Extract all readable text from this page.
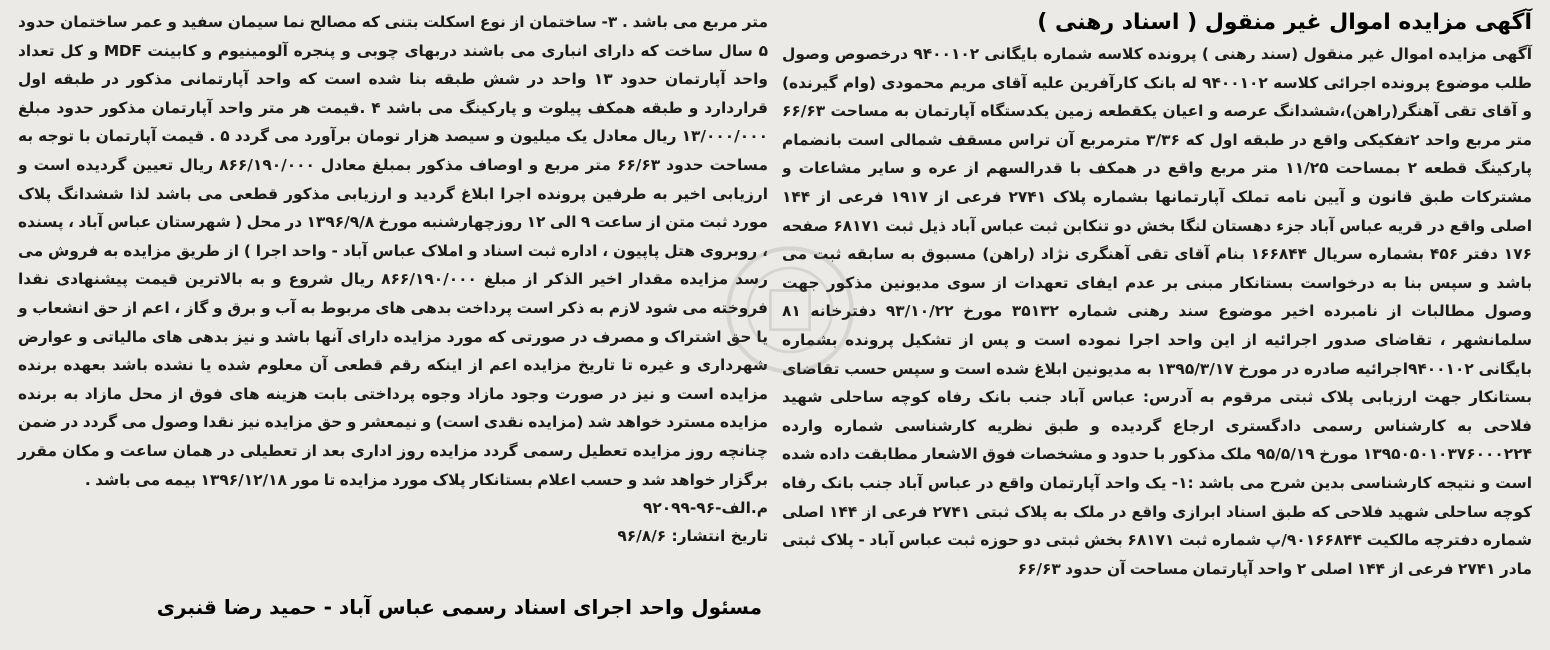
آگهی مزایده اموال غیر منقول ( اسناد رهنی )

آگهی مزایده اموال غیر منقول (سند رهنی ) پرونده کلاسه شماره بایگانی ۹۴۰۰۱۰۲ درخصوص وصول طلب موضوع پرونده اجرائی کلاسه ۹۴۰۰۱۰۲ له بانک کارآفرین علیه آقای مریم محمودی (وام گیرنده) و آقای تقی آهنگر(راهن)،ششدانگ عرصه و اعیان یکقطعه زمین یکدستگاه آپارتمان به مساحت ۶۶/۶۳ متر مربع واحد ۲تفکیکی واقع در طبقه اول که ۳/۳۶ مترمربع آن تراس مسقف شمالی است بانضمام پارکینگ قطعه ۲ بمساحت ۱۱/۲۵ متر مربع واقع در همکف با قدرالسهم از عره و سایر مشاعات و مشترکات طبق قانون و آیین نامه تملک آپارتمانها بشماره پلاک ۲۷۴۱ فرعی از ۱۹۱۷ فرعی از ۱۴۴ اصلی واقع در قریه عباس آباد جزء دهستان لنگا بخش دو تنکابن ثبت عباس آباد ذیل ثبت ۶۸۱۷۱ صفحه ۱۷۶ دفتر ۴۵۶ بشماره سریال ۱۶۶۸۴۴ بنام آقای تقی آهنگری نژاد (راهن) مسبوق به سابقه ثبت می باشد و سپس بنا به درخواست بستانکار مبنی بر عدم ایفای تعهدات از سوی مدیونین مذکور جهت وصول مطالبات از نامبرده اخیر موضوع سند رهنی شماره ۳۵۱۳۲ مورخ ۹۳/۱۰/۲۲ دفترخانه ۸۱ سلمانشهر ، تقاضای صدور اجرائیه از این واحد اجرا نموده است و پس از تشکیل پرونده بشماره بایگانی ۹۴۰۰۱۰۲اجرائیه صادره در مورخ ۱۳۹۵/۳/۱۷ به مدیونین ابلاغ شده است و سپس حسب تقاضای بستانکار جهت ارزیابی پلاک ثبتی مرقوم به آدرس: عباس آباد جنب بانک رفاه کوچه ساحلی شهید فلاحی به کارشناس رسمی دادگستری ارجاع گردیده و طبق نظریه کارشناسی شماره وارده ۱۳۹۵۰۵۰۱۰۳۷۶۰۰۰۲۲۴ مورخ ۹۵/۵/۱۹ ملک مذکور با حدود و مشخصات فوق الاشعار مطابقت داده شده است و نتیجه کارشناسی بدین شرح می باشد :۱- یک واحد آپارتمان واقع در عباس آباد جنب بانک رفاه کوچه ساحلی شهید فلاحی که طبق اسناد ابرازی واقع در ملک به پلاک ثبتی ۲۷۴۱ فرعی از ۱۴۴ اصلی شماره دفترچه مالکیت ۹۰۱۶۶۸۴۴/پ شماره ثبت ۶۸۱۷۱ بخش ثبتی دو حوزه ثبت عباس آباد - پلاک ثبتی مادر ۲۷۴۱ فرعی از ۱۴۴ اصلی ۲ واحد آپارتمان مساحت آن حدود ۶۶/۶۳

متر مربع می باشد . ۳- ساختمان از نوع اسکلت بتنی که مصالح نما سیمان سفید و عمر ساختمان حدود ۵ سال ساخت که دارای انباری می باشند دربهای چوبی و پنجره آلومینیوم و کابینت MDF و کل تعداد واحد آپارتمان حدود ۱۳ واحد در شش طبقه بنا شده است که واحد آپارتمانی مذکور در طبقه اول قراردارد و طبقه همکف پیلوت و پارکینگ می باشد ۴ .قیمت هر متر واحد آپارتمان مذکور حدود مبلغ ۱۳/۰۰۰/۰۰۰ ریال معادل یک میلیون و سیصد هزار تومان برآورد می گردد ۵ . قیمت آپارتمان با توجه به مساحت حدود ۶۶/۶۳ متر مربع و اوصاف مذکور بمبلغ معادل ۸۶۶/۱۹۰/۰۰۰ ریال تعیین گردیده است و ارزیابی اخیر به طرفین پرونده اجرا ابلاغ گردید و ارزیابی مذکور قطعی می باشد لذا ششدانگ پلاک مورد ثبت متن از ساعت ۹ الی ۱۲ روزچهارشنبه مورخ ۱۳۹۶/۹/۸ در محل ( شهرستان عباس آباد ، پسنده ، روبروی هتل پاپیون ، اداره ثبت اسناد و املاک عباس آباد - واحد اجرا ) از طریق مزایده به فروش می رسد مزایده مقدار اخیر الذکر از مبلغ ۸۶۶/۱۹۰/۰۰۰ ریال شروع و به بالاترین قیمت پیشنهادی نقدا فروخته می شود لازم به ذکر است پرداخت بدهی های مربوط به آب و برق و گاز ، اعم از حق انشعاب و یا حق اشتراک و مصرف در صورتی که مورد مزایده دارای آنها باشد و نیز بدهی های مالیاتی و عوارض شهرداری و غیره تا تاریخ مزایده اعم از اینکه رقم قطعی آن معلوم شده یا نشده باشد بعهده برنده مزایده است و نیز در صورت وجود مازاد وجوه پرداختی بابت هزینه های فوق از محل مازاد به برنده مزایده مسترد خواهد شد (مزایده نقدی است) و نیمعشر و حق مزایده نیز نقدا وصول می گردد در ضمن چنانچه روز مزایده تعطیل رسمی گردد مزایده روز اداری بعد از تعطیلی در همان ساعت و مکان مقرر برگزار خواهد شد و حسب اعلام بستانکار پلاک مورد مزایده تا مور ۱۳۹۶/۱۲/۱۸ بیمه می باشد .

م.الف-۹۶-۹۲۰۹۹

تاریخ انتشار: ۹۶/۸/۶

مسئول واحد اجرای اسناد رسمی عباس آباد - حمید رضا قنبری
